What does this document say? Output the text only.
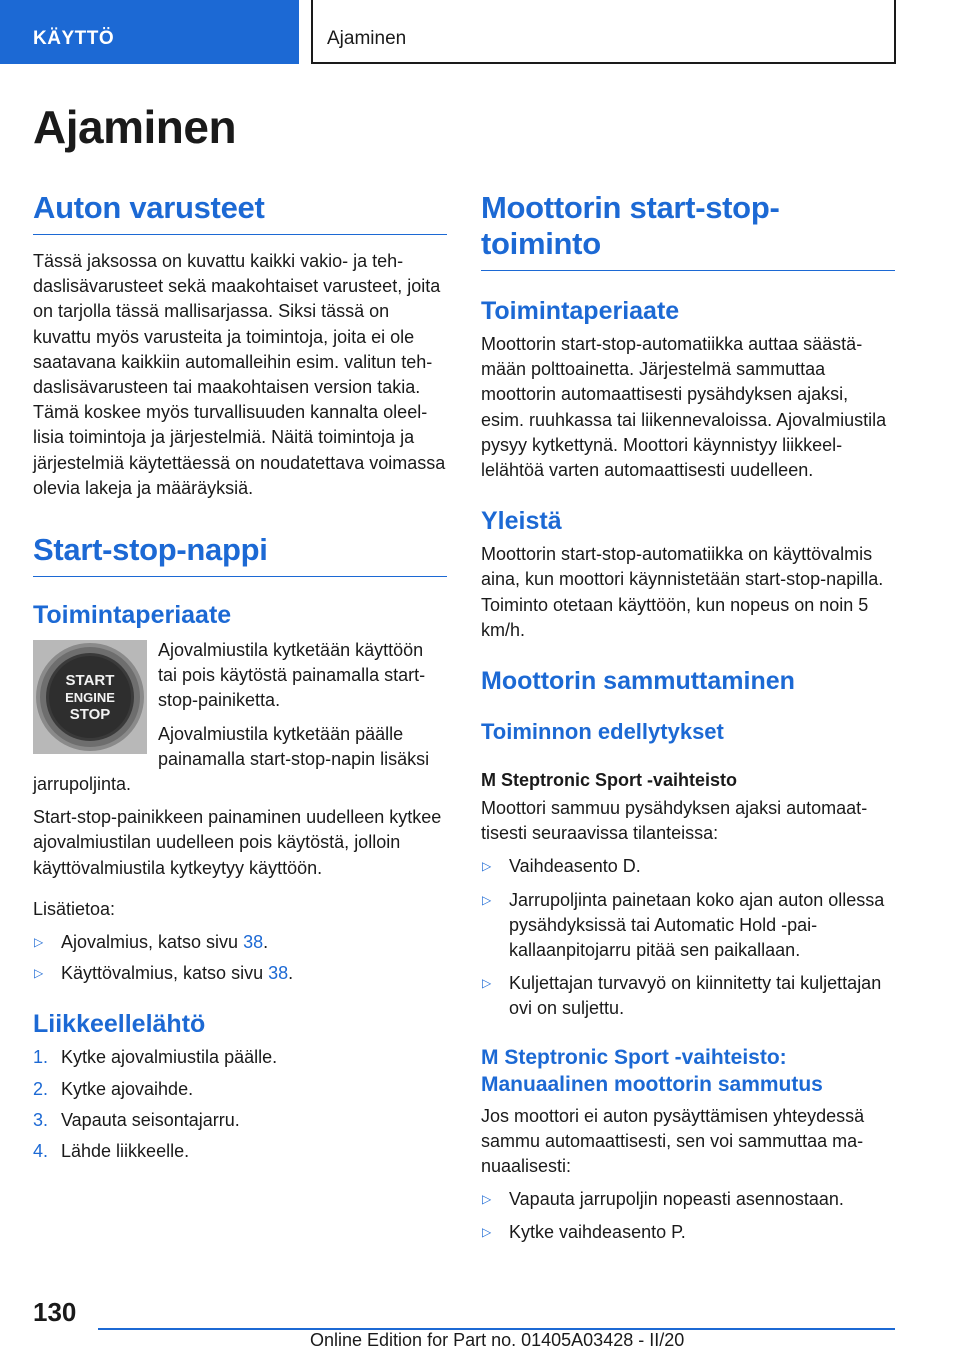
KÄYTTÖ	Ajaminen
Ajaminen
Auton varusteet

Tässä jaksossa on kuvattu kaikki vakio- ja tehdaslisävarusteet sekä maakohtaiset varusteet, joita on tarjolla tässä mallisarjassa. Siksi tässä on kuvattu myös varusteita ja toimintoja, joita ei ole saatavana kaikkiin automalleihin esim. valitun tehdaslisävarusteen tai maakohtaisen version takia. Tämä koskee myös turvallisuuden kannalta oleellisia toimintoja ja järjestelmiä. Näitä toimintoja ja järjestelmiä käytettäessä on noudatettava voimassa olevia lakeja ja määräyksiä.

Start-stop-nappi
Toimintaperiaate
START
ENGINE
STOP

Ajovalmiustila kytketään käyttöön tai pois käytöstä painamalla start-stop-painiketta.

Ajovalmiustila kytketään päälle painamalla start-stop-napin lisäksi jarrupoljinta.

Start-stop-painikkeen painaminen uudelleen kytkee ajovalmiustilan uudelleen pois käytöstä, jolloin käyttövalmiustila kytkeytyy käyttöön.

Lisätietoa:

▷ Ajovalmius, katso sivu 38.
▷ Käyttövalmius, katso sivu 38.
Liikkeellelähtö
1. Kytke ajovalmiustila päälle.
2. Kytke ajovaihde.
3. Vapauta seisontajarru.
4. Lähde liikkeelle.
Moottorin start-stop-toiminto
Toimintaperiaate

Moottorin start-stop-automatiikka auttaa säästämään polttoainetta. Järjestelmä sammuttaa moottorin automaattisesti pysähdyksen ajaksi, esim. ruuhkassa tai liikennevaloissa. Ajovalmiustila pysyy kytkettynä. Moottori käynnistyy liikkeellelähtöä varten automaattisesti uudelleen.

Yleistä

Moottorin start-stop-automatiikka on käyttövalmis aina, kun moottori käynnistetään start-stop-napilla. Toiminto otetaan käyttöön, kun nopeus on noin 5 km/h.

Moottorin sammuttaminen
Toiminnon edellytykset
M Steptronic Sport -vaihteisto

Moottori sammuu pysähdyksen ajaksi automaattisesti seuraavissa tilanteissa:

▷ Vaihdeasento D.
▷ Jarrupoljinta painetaan koko ajan auton ollessa pysähdyksissä tai Automatic Hold -paikallaanpitojarru pitää sen paikallaan.
▷ Kuljettajan turvavyö on kiinnitetty tai kuljettajan ovi on suljettu.
M Steptronic Sport -vaihteisto: Manuaalinen moottorin sammutus

Jos moottori ei auton pysäyttämisen yhteydessä sammu automaattisesti, sen voi sammuttaa manuaalisesti:

▷ Vapauta jarrupoljin nopeasti asennostaan.
▷ Kytke vaihdeasento P.
130
Online Edition for Part no. 01405A03428 - II/20
